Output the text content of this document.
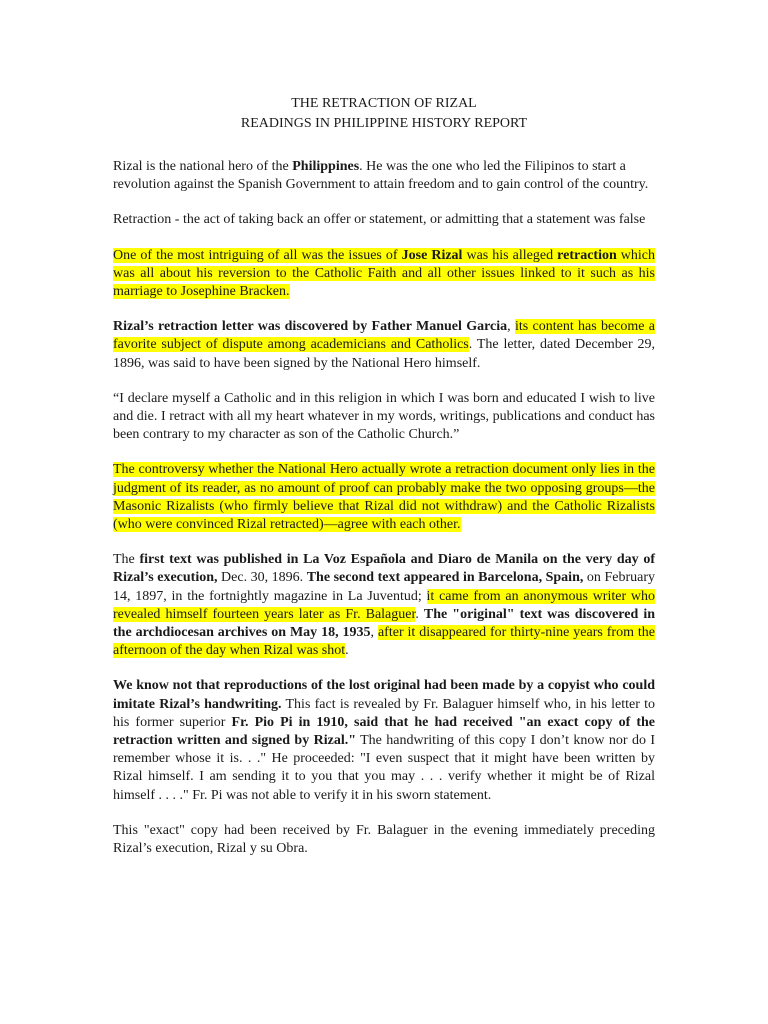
THE RETRACTION OF RIZAL
READINGS IN PHILIPPINE HISTORY REPORT

Rizal is the national hero of the Philippines. He was the one who led the Filipinos to start a revolution against the Spanish Government to attain freedom and to gain control of the country.

Retraction - the act of taking back an offer or statement, or admitting that a statement was false

One of the most intriguing of all was the issues of Jose Rizal was his alleged retraction which was all about his reversion to the Catholic Faith and all other issues linked to it such as his marriage to Josephine Bracken.

Rizal’s retraction letter was discovered by Father Manuel Garcia, its content has become a favorite subject of dispute among academicians and Catholics. The letter, dated December 29, 1896, was said to have been signed by the National Hero himself.

“I declare myself a Catholic and in this religion in which I was born and educated I wish to live and die. I retract with all my heart whatever in my words, writings, publications and conduct has been contrary to my character as son of the Catholic Church.”

The controversy whether the National Hero actually wrote a retraction document only lies in the judgment of its reader, as no amount of proof can probably make the two opposing groups—the Masonic Rizalists (who firmly believe that Rizal did not withdraw) and the Catholic Rizalists (who were convinced Rizal retracted)—agree with each other.

The first text was published in La Voz Española and Diaro de Manila on the very day of Rizal’s execution, Dec. 30, 1896. The second text appeared in Barcelona, Spain, on February 14, 1897, in the fortnightly magazine in La Juventud; it came from an anonymous writer who revealed himself fourteen years later as Fr. Balaguer. The "original" text was discovered in the archdiocesan archives on May 18, 1935, after it disappeared for thirty-nine years from the afternoon of the day when Rizal was shot.

We know not that reproductions of the lost original had been made by a copyist who could imitate Rizal’s handwriting. This fact is revealed by Fr. Balaguer himself who, in his letter to his former superior Fr. Pio Pi in 1910, said that he had received "an exact copy of the retraction written and signed by Rizal." The handwriting of this copy I don’t know nor do I remember whose it is. . ." He proceeded: "I even suspect that it might have been written by Rizal himself. I am sending it to you that you may . . . verify whether it might be of Rizal himself . . . ." Fr. Pi was not able to verify it in his sworn statement.

This "exact" copy had been received by Fr. Balaguer in the evening immediately preceding Rizal’s execution, Rizal y su Obra.
